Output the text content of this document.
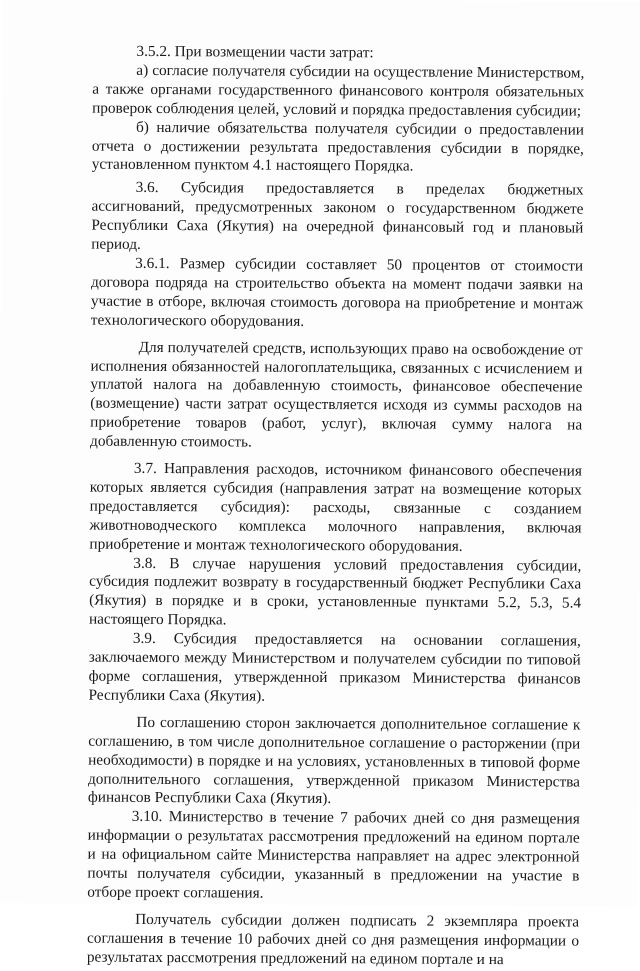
3.5.2. При возмещении части затрат:

а) согласие получателя субсидии на осуществление Министерством, а также органами государственного финансового контроля обязательных проверок соблюдения целей, условий и порядка предоставления субсидии;

б) наличие обязательства получателя субсидии о предоставлении отчета о достижении результата предоставления субсидии в порядке, установленном пунктом 4.1 настоящего Порядка.

3.6. Субсидия предоставляется в пределах бюджетных ассигнований, предусмотренных законом о государственном бюджете Республики Саха (Якутия) на очередной финансовый год и плановый период.

3.6.1. Размер субсидии составляет 50 процентов от стоимости договора подряда на строительство объекта на момент подачи заявки на участие в отборе, включая стоимость договора на приобретение и монтаж технологического оборудования.

Для получателей средств, использующих право на освобождение от исполнения обязанностей налогоплательщика, связанных с исчислением и уплатой налога на добавленную стоимость, финансовое обеспечение (возмещение) части затрат осуществляется исходя из суммы расходов на приобретение товаров (работ, услуг), включая сумму налога на добавленную стоимость.

3.7. Направления расходов, источником финансового обеспечения которых является субсидия (направления затрат на возмещение которых предоставляется субсидия): расходы, связанные с созданием животноводческого комплекса молочного направления, включая приобретение и монтаж технологического оборудования.

3.8. В случае нарушения условий предоставления субсидии, субсидия подлежит возврату в государственный бюджет Республики Саха (Якутия) в порядке и в сроки, установленные пунктами 5.2, 5.3, 5.4 настоящего Порядка.

3.9. Субсидия предоставляется на основании соглашения, заключаемого между Министерством и получателем субсидии по типовой форме соглашения, утвержденной приказом Министерства финансов Республики Саха (Якутия).

По соглашению сторон заключается дополнительное соглашение к соглашению, в том числе дополнительное соглашение о расторжении (при необходимости) в порядке и на условиях, установленных в типовой форме дополнительного соглашения, утвержденной приказом Министерства финансов Республики Саха (Якутия).

3.10. Министерство в течение 7 рабочих дней со дня размещения информации о результатах рассмотрения предложений на едином портале и на официальном сайте Министерства направляет на адрес электронной почты получателя субсидии, указанный в предложении на участие в отборе проект соглашения.

Получатель субсидии должен подписать 2 экземпляра проекта соглашения в течение 10 рабочих дней со дня размещения информации о результатах рассмотрения предложений на едином портале и на
